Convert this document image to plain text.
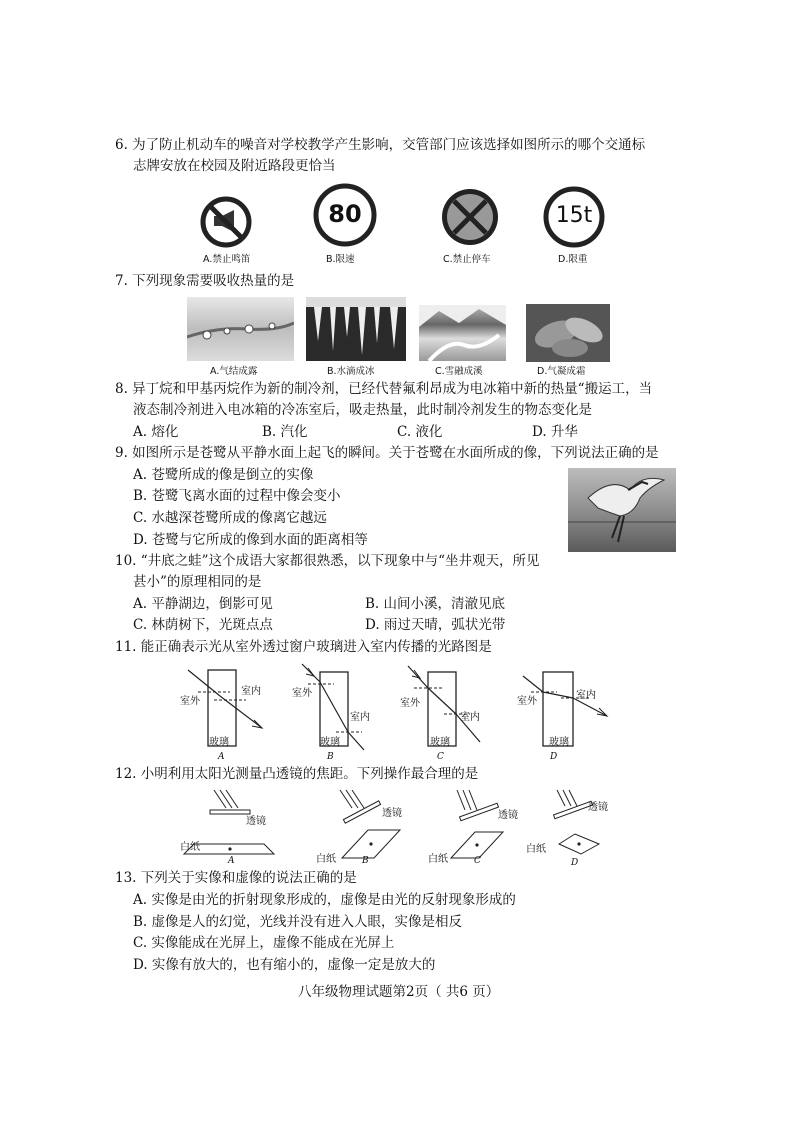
6. 为了防止机动车的噪音对学校教学产生影响，交管部门应该选择如图所示的哪个交通标
志牌安放在校园及附近路段更恰当
A.禁止鸣笛
80
B.限速	C.禁止停车
15t
D.限重
7. 下列现象需要吸收热量的是
A.气结成露	B.水滴成冰	C.雪融成溪	D.气凝成霜
8. 异丁烷和甲基丙烷作为新的制冷剂，已经代替氟利昂成为电冰箱中新的热量“搬运工，当
液态制冷剂进入电冰箱的冷冻室后，吸走热量，此时制冷剂发生的物态变化是
A. 熔化	B. 汽化	C. 液化	D. 升华
9. 如图所示是苍鹭从平静水面上起飞的瞬间。关于苍鹭在水面所成的像，下列说法正确的是
A. 苍鹭所成的像是倒立的实像
B. 苍鹭飞离水面的过程中像会变小
C. 水越深苍鹭所成的像离它越远
D. 苍鹭与它所成的像到水面的距离相等
10. “井底之蛙”这个成语大家都很熟悉，以下现象中与“坐井观天，所见
甚小”的原理相同的是
A. 平静湖边，倒影可见	B. 山间小溪，清澈见底
C. 林荫树下，光斑点点	D. 雨过天晴，弧状光带
11. 能正确表示光从室外透过窗户玻璃进入室内传播的光路图是
室外
室内
玻璃
A
室外
室内
玻璃
B
室外
室内
玻璃
C
室外
室内
玻璃
D
12. 小明利用太阳光测量凸透镜的焦距。下列操作最合理的是
透镜
白纸
A
透镜
白纸	B
透镜
白纸	C
透镜
白纸
D
13. 下列关于实像和虚像的说法正确的是
A. 实像是由光的折射现象形成的，虚像是由光的反射现象形成的
B. 虚像是人的幻觉，光线并没有进入人眼，实像是相反
C. 实像能成在光屏上，虚像不能成在光屏上
D. 实像有放大的，也有缩小的，虚像一定是放大的
八年级物理试题第2页（ 共6 页）
